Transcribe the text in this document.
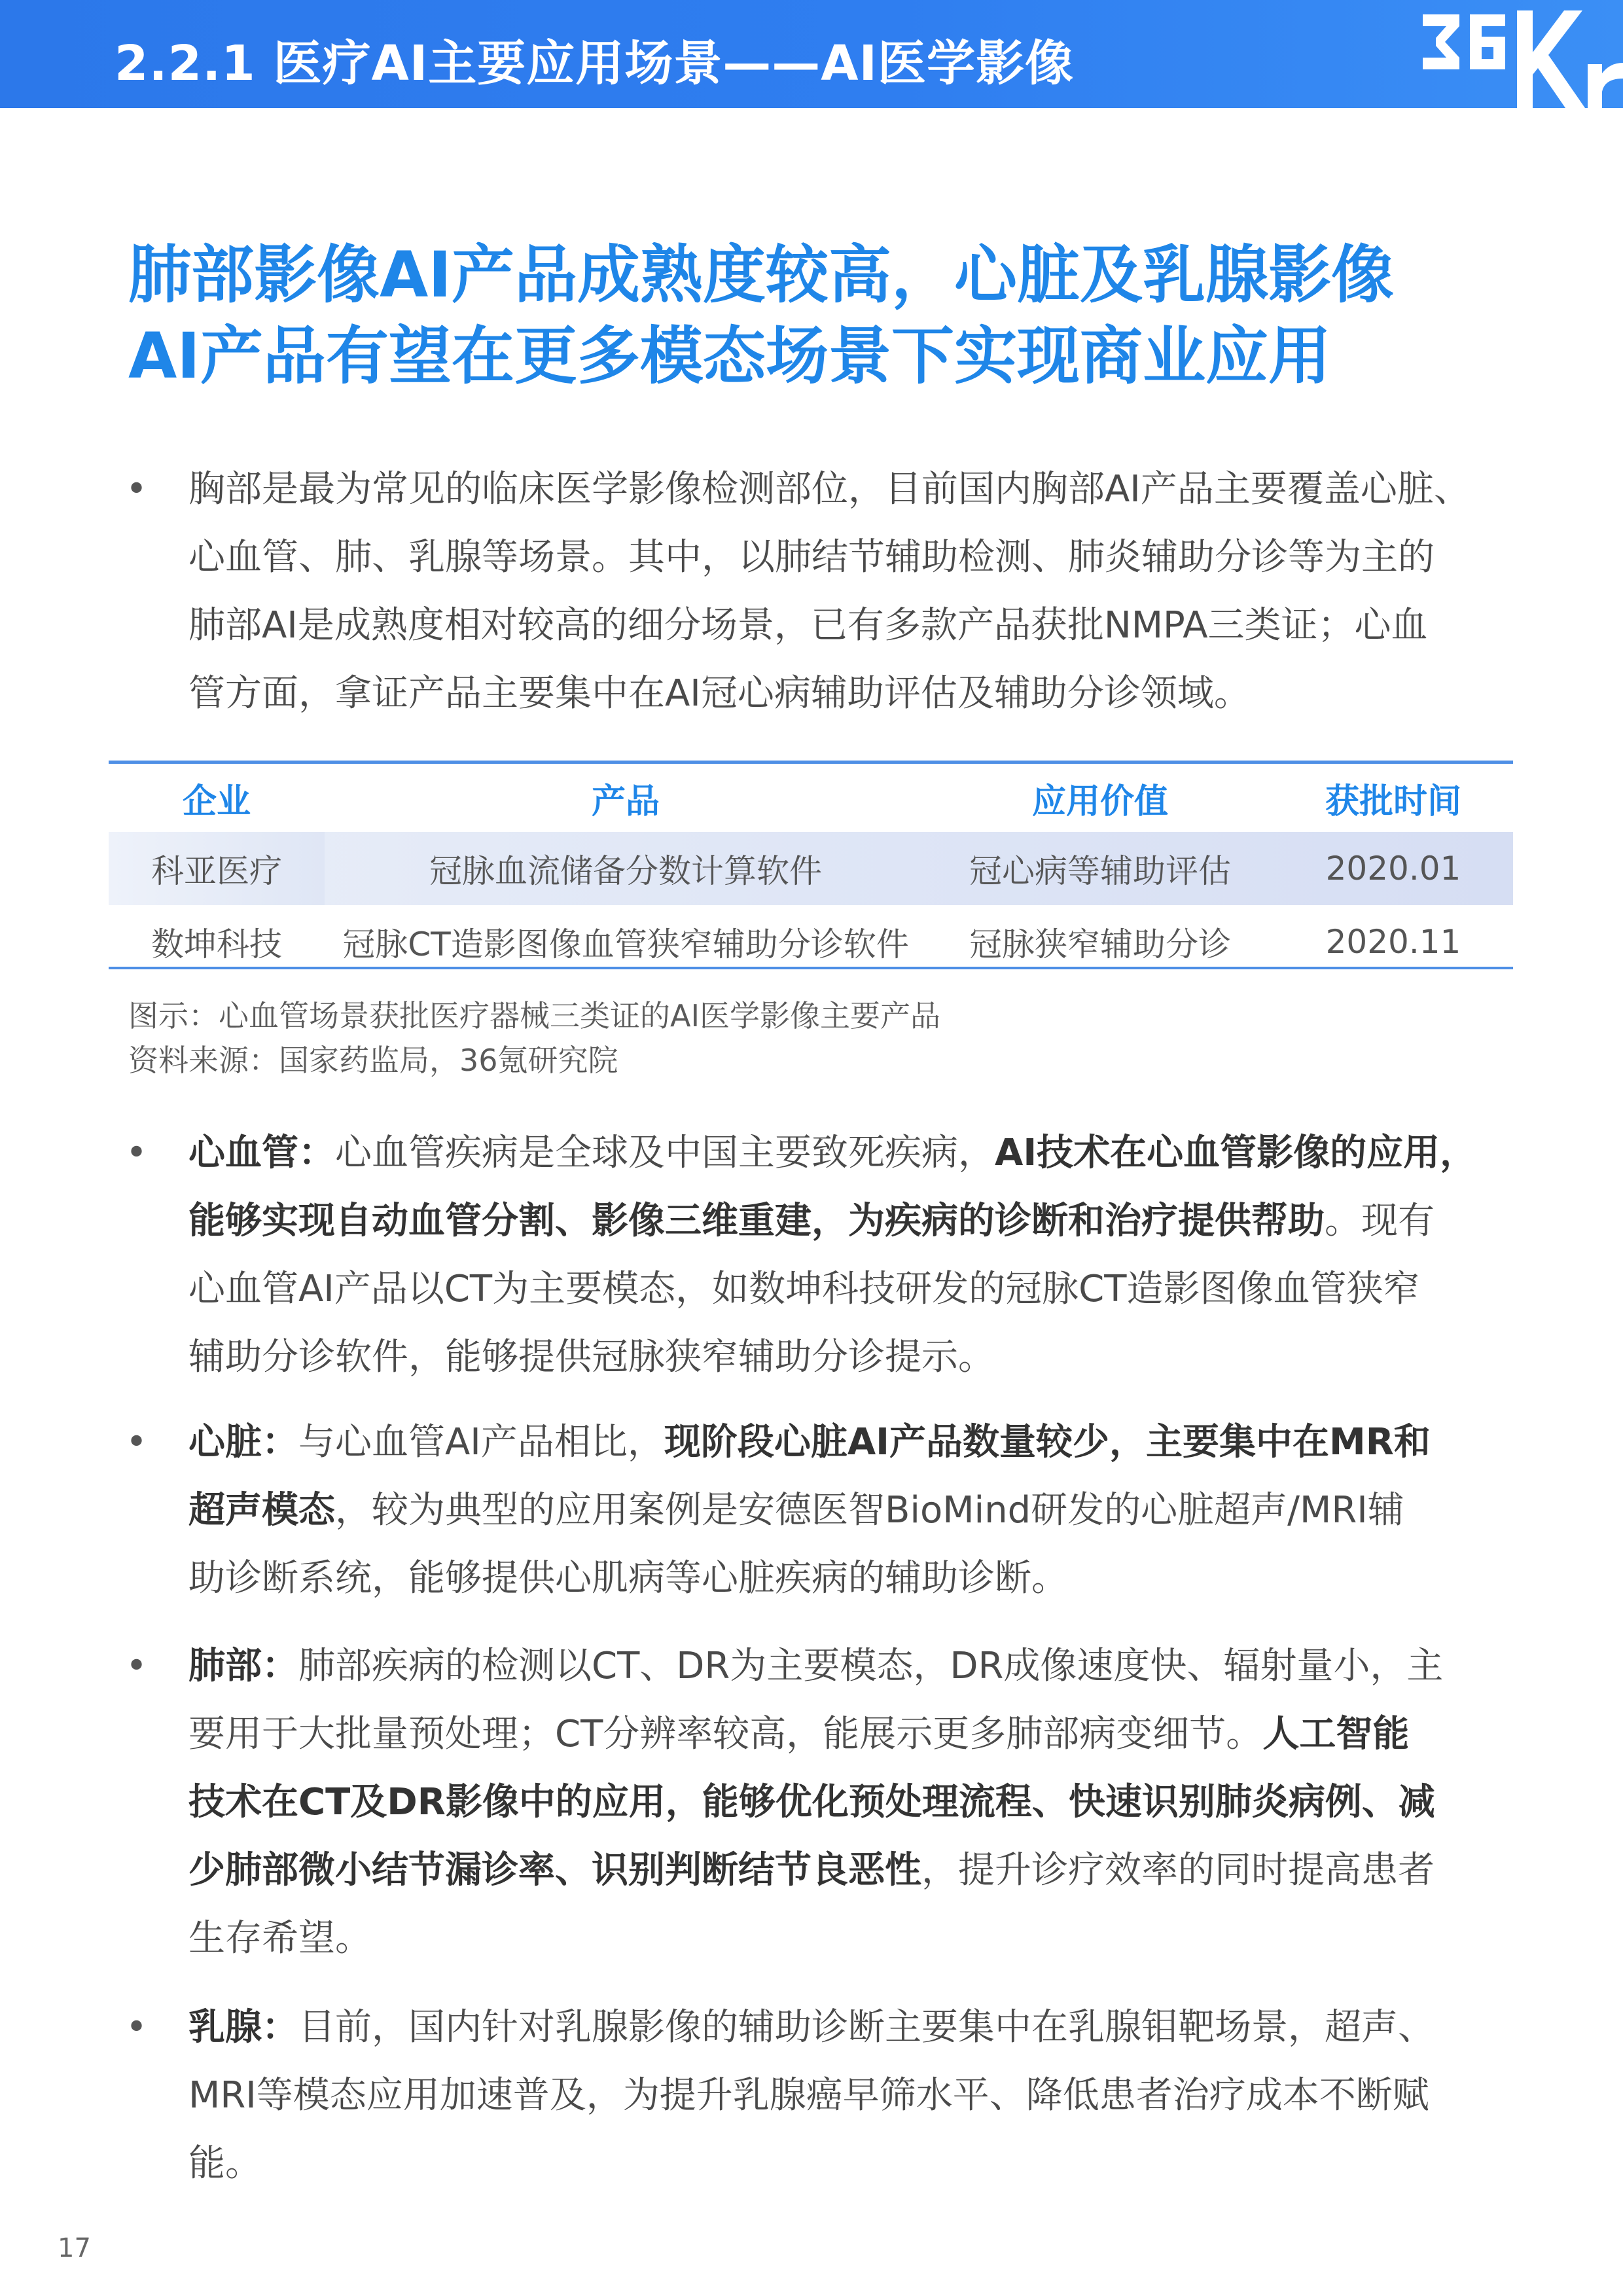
2.2.1 医疗AI主要应用场景——AI医学影像
肺部影像AI产品成熟度较高，心脏及乳腺影像
AI产品有望在更多模态场景下实现商业应用
• 胸部是最为常见的临床医学影像检测部位，目前国内胸部AI产品主要覆盖心脏、
心血管、肺、乳腺等场景。其中，以肺结节辅助检测、肺炎辅助分诊等为主的
肺部AI是成熟度相对较高的细分场景，已有多款产品获批NMPA三类证；心血
管方面，拿证产品主要集中在AI冠心病辅助评估及辅助分诊领域。
企业	产品	应用价值	获批时间
科亚医疗	冠脉血流储备分数计算软件	冠心病等辅助评估	2020.01
数坤科技	冠脉CT造影图像血管狭窄辅助分诊软件	冠脉狭窄辅助分诊	2020.11
图示：心血管场景获批医疗器械三类证的AI医学影像主要产品
资料来源：国家药监局，36氪研究院
• 心血管：心血管疾病是全球及中国主要致死疾病，AI技术在心血管影像的应用，
能够实现自动血管分割、影像三维重建，为疾病的诊断和治疗提供帮助。现有
心血管AI产品以CT为主要模态，如数坤科技研发的冠脉CT造影图像血管狭窄
辅助分诊软件，能够提供冠脉狭窄辅助分诊提示。
• 心脏：与心血管AI产品相比，现阶段心脏AI产品数量较少，主要集中在MR和
超声模态，较为典型的应用案例是安德医智BioMind研发的心脏超声/MRI辅
助诊断系统，能够提供心肌病等心脏疾病的辅助诊断。
• 肺部：肺部疾病的检测以CT、DR为主要模态，DR成像速度快、辐射量小，主
要用于大批量预处理；CT分辨率较高，能展示更多肺部病变细节。人工智能
技术在CT及DR影像中的应用，能够优化预处理流程、快速识别肺炎病例、减
少肺部微小结节漏诊率、识别判断结节良恶性，提升诊疗效率的同时提高患者
生存希望。
• 乳腺：目前，国内针对乳腺影像的辅助诊断主要集中在乳腺钼靶场景，超声、
MRI等模态应用加速普及，为提升乳腺癌早筛水平、降低患者治疗成本不断赋
能。
17
